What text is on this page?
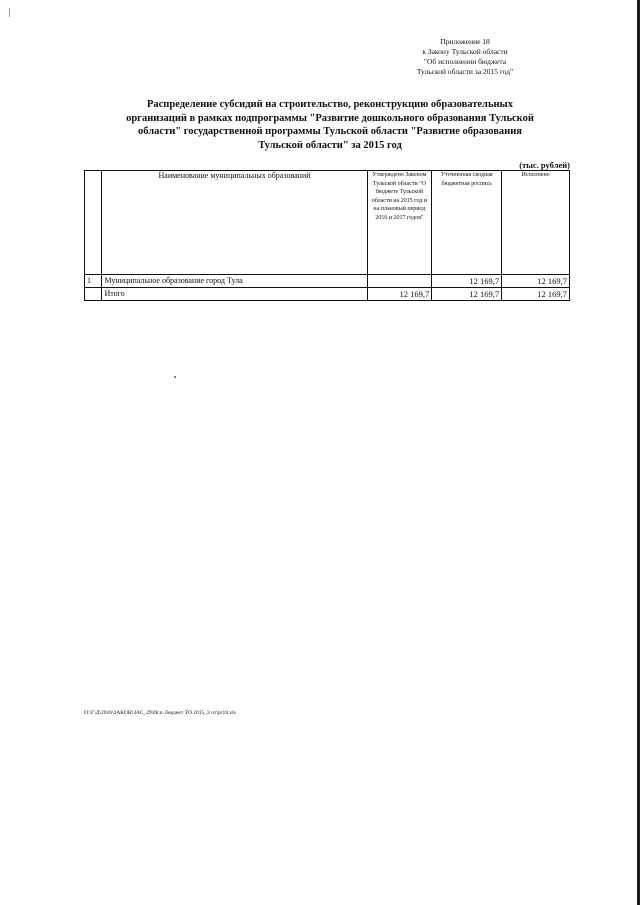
Приложение 18
к Закону Тульской области
"Об исполнении бюджета
Тульской области за 2015 год"
Распределение субсидий на строительство, реконструкцию образовательных
организаций в рамках подпрограммы "Развитие дошкольного образования Тульской
области" государственной программы Тульской области "Развитие образования
Тульской области" за 2015 год
(тыс. рублей)
	Наименование муниципальных образований	Утверждено Законом Тульской области "О бюджете Тульской области на 2015 год и на плановый период 2016 и 2017 годов"	Уточненная сводная бюджетная роспись	Исполнено
1	Муниципальное образование город Тула		12 169,7	12 169,7
	Итого	12 169,7	12 169,7	12 169,7
D:\Г\Д\2016\ЗАКОН\ЗАС_29\Исп. бюджет ТО 2015_2 чт\pr18.xls
